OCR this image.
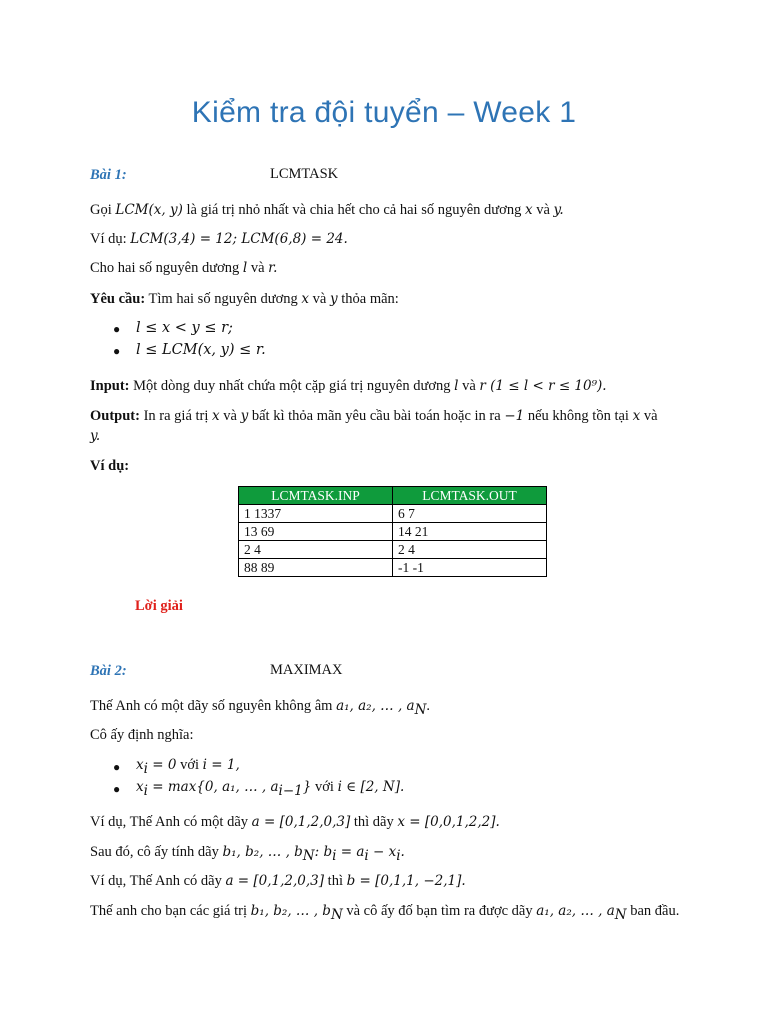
Kiểm tra đội tuyển – Week 1
Bài 1:	LCMTASK
Gọi LCM(x, y) là giá trị nhỏ nhất và chia hết cho cả hai số nguyên dương x và y.
Ví dụ: LCM(3,4) = 12; LCM(6,8) = 24.
Cho hai số nguyên dương l và r.
Yêu cầu: Tìm hai số nguyên dương x và y thỏa mãn:
● l ≤ x < y ≤ r;
● l ≤ LCM(x, y) ≤ r.
Input: Một dòng duy nhất chứa một cặp giá trị nguyên dương l và r (1 ≤ l < r ≤ 10⁹).
Output: In ra giá trị x và y bất kì thỏa mãn yêu cầu bài toán hoặc in ra −1 nếu không tồn tại x và
y.
Ví dụ:
LCMTASK.INP	LCMTASK.OUT
1 1337	6 7
13 69	14 21
2 4	2 4
88 89	-1 -1
Lời giải
Bài 2:	MAXIMAX
Thế Anh có một dãy số nguyên không âm a₁, a₂, … , $a_N$.
Cô ấy định nghĩa:
● $x_i = 0$ với i = 1,
● $x_i = \max\{0$, a₁, … , $a_{i-1}$} với i ∈ [2, N].
Ví dụ, Thế Anh có một dãy a = [0,1,2,0,3] thì dãy x = [0,0,1,2,2].
Sau đó, cô ấy tính dãy b₁, b₂, … , $b_N$: $b_i = a_i - x_i$.
Ví dụ, Thế Anh có dãy a = [0,1,2,0,3] thì b = [0,1,1, −2,1].
Thế anh cho bạn các giá trị b₁, b₂, … , $b_N$ và cô ấy đố bạn tìm ra được dãy a₁, a₂, … , $a_N$ ban đầu.
